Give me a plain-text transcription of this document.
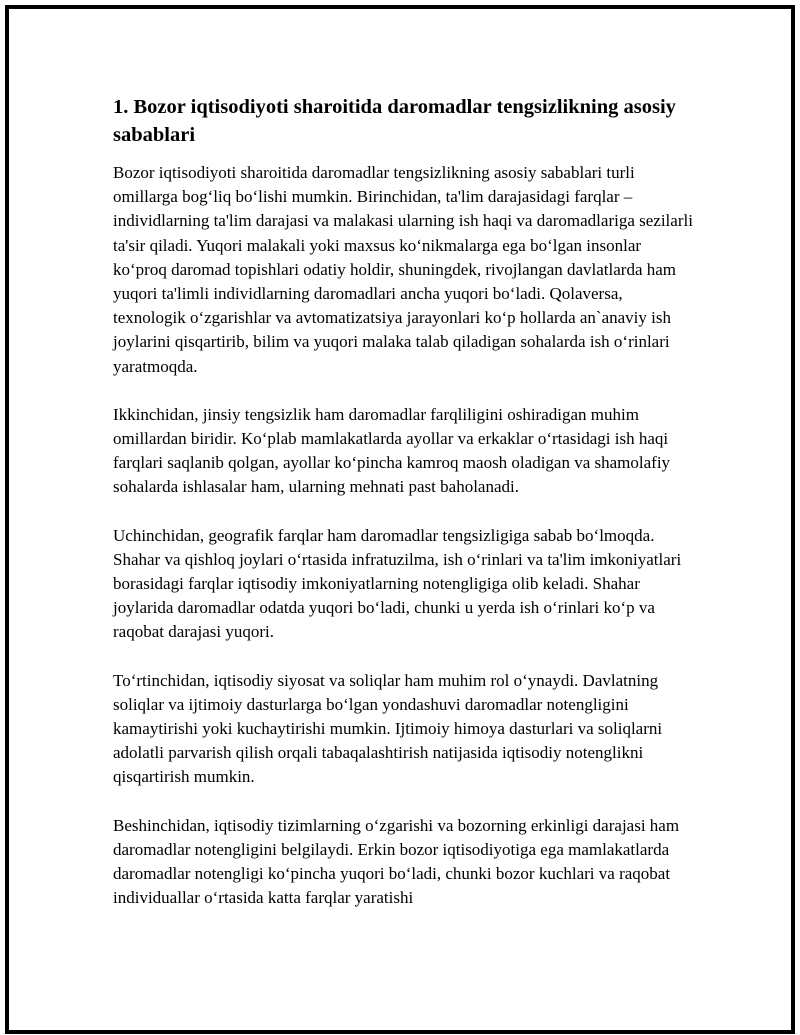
1. Bozor iqtisodiyoti sharoitida daromadlar tengsizlikning asosiy sabablari

Bozor iqtisodiyoti sharoitida daromadlar tengsizlikning asosiy sabablari turli omillarga bog‘liq bo‘lishi mumkin. Birinchidan, ta'lim darajasidagi farqlar – individlarning ta'lim darajasi va malakasi ularning ish haqi va daromadlariga sezilarli ta'sir qiladi. Yuqori malakali yoki maxsus ko‘nikmalarga ega bo‘lgan insonlar ko‘proq daromad topishlari odatiy holdir, shuningdek, rivojlangan davlatlarda ham yuqori ta'limli individlarning daromadlari ancha yuqori bo‘ladi. Qolaversa, texnologik o‘zgarishlar va avtomatizatsiya jarayonlari ko‘p hollarda an`anaviy ish joylarini qisqartirib, bilim va yuqori malaka talab qiladigan sohalarda ish o‘rinlari yaratmoqda.

Ikkinchidan, jinsiy tengsizlik ham daromadlar farqliligini oshiradigan muhim omillardan biridir. Ko‘plab mamlakatlarda ayollar va erkaklar o‘rtasidagi ish haqi farqlari saqlanib qolgan, ayollar ko‘pincha kamroq maosh oladigan va shamolafiy sohalarda ishlasalar ham, ularning mehnati past baholanadi.

Uchinchidan, geografik farqlar ham daromadlar tengsizligiga sabab bo‘lmoqda. Shahar va qishloq joylari o‘rtasida infratuzilma, ish o‘rinlari va ta'lim imkoniyatlari borasidagi farqlar iqtisodiy imkoniyatlarning notengligiga olib keladi. Shahar joylarida daromadlar odatda yuqori bo‘ladi, chunki u yerda ish o‘rinlari ko‘p va raqobat darajasi yuqori.

To‘rtinchidan, iqtisodiy siyosat va soliqlar ham muhim rol o‘ynaydi. Davlatning soliqlar va ijtimoiy dasturlarga bo‘lgan yondashuvi daromadlar notengligini kamaytirishi yoki kuchaytirishi mumkin. Ijtimoiy himoya dasturlari va soliqlarni adolatli parvarish qilish orqali tabaqalashtirish natijasida iqtisodiy notenglikni qisqartirish mumkin.

Beshinchidan, iqtisodiy tizimlarning o‘zgarishi va bozorning erkinligi darajasi ham daromadlar notengligini belgilaydi. Erkin bozor iqtisodiyotiga ega mamlakatlarda daromadlar notengligi ko‘pincha yuqori bo‘ladi, chunki bozor kuchlari va raqobat individuallar o‘rtasida katta farqlar yaratishi
